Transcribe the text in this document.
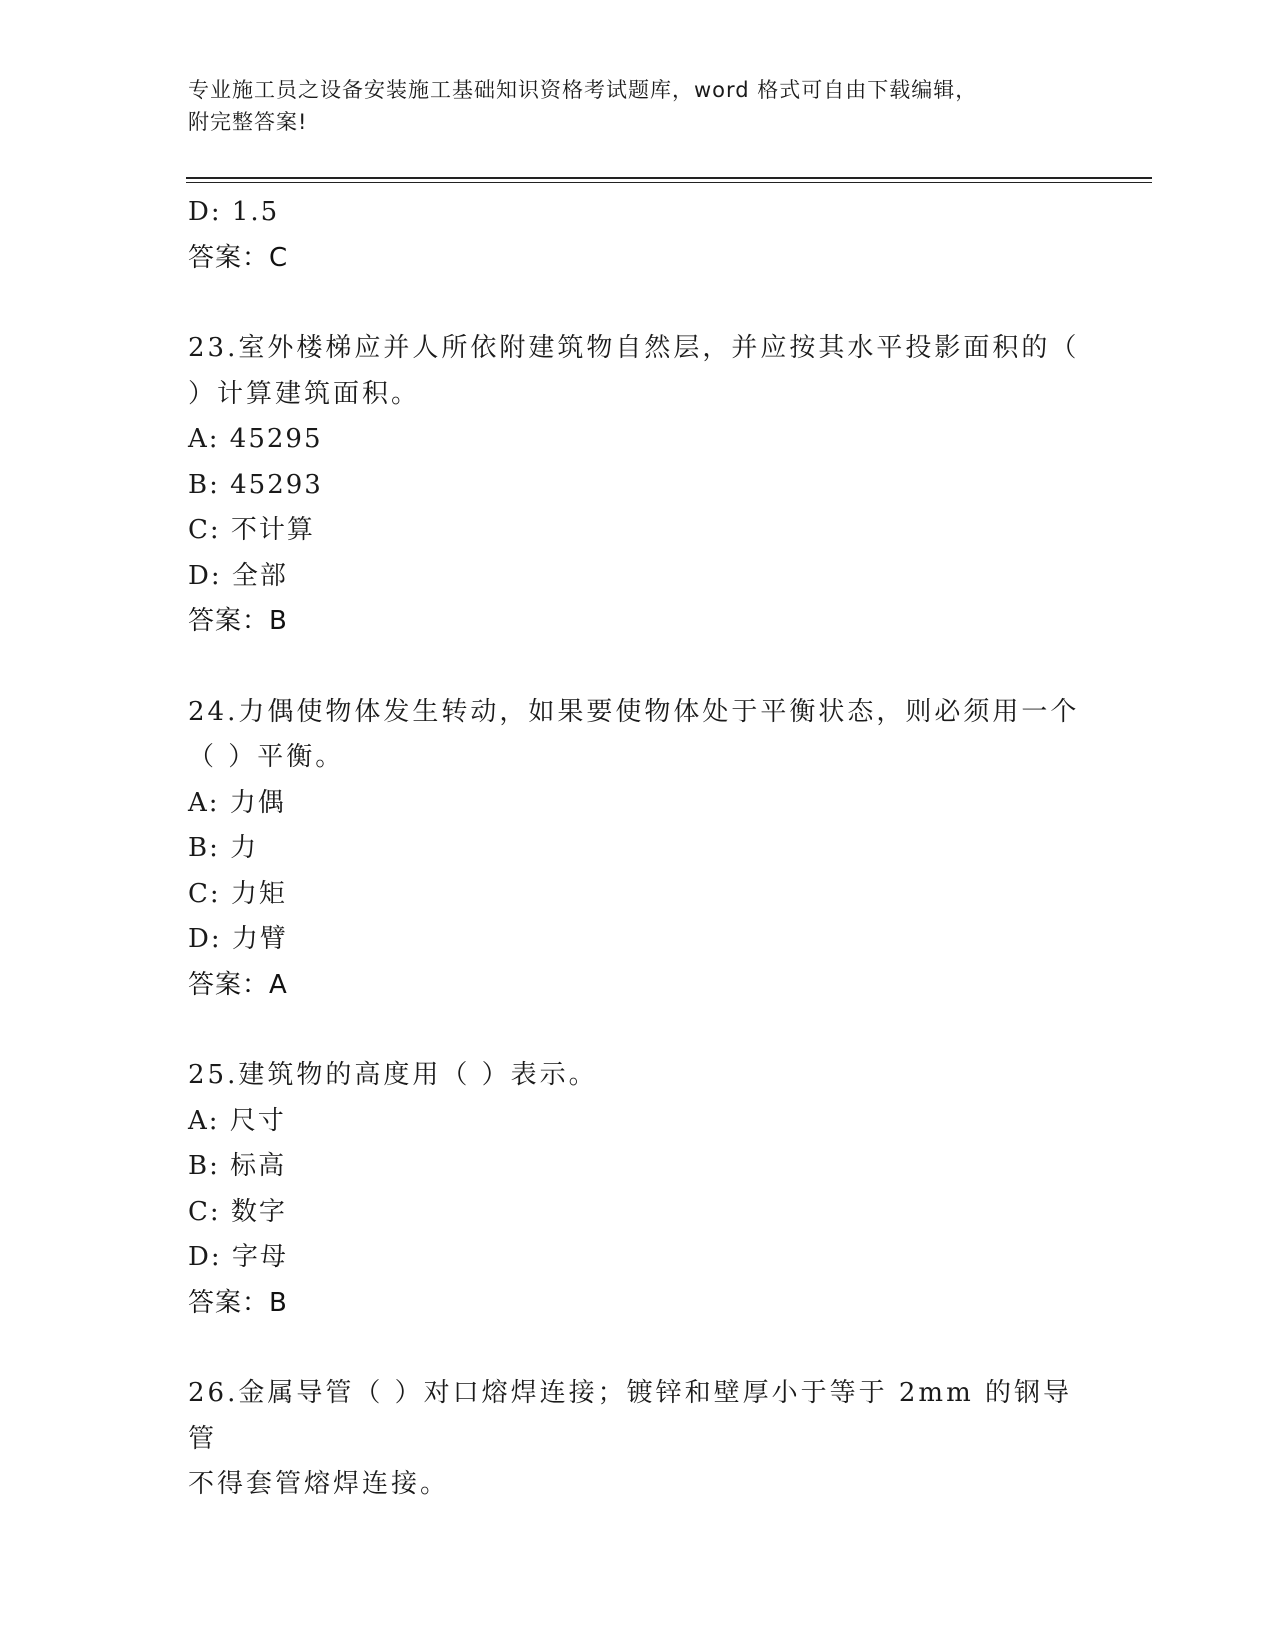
专业施工员之设备安装施工基础知识资格考试题库，word 格式可自由下载编辑，
附完整答案!
D: 1.5
答案：C
23.室外楼梯应并人所依附建筑物自然层，并应按其水平投影面积的（
）计算建筑面积。
A: 45295
B: 45293
C: 不计算
D: 全部
答案：B
24.力偶使物体发生转动，如果要使物体处于平衡状态，则必须用一个
（ ）平衡。
A: 力偶
B: 力
C: 力矩
D: 力臂
答案：A
25.建筑物的高度用（ ）表示。
A: 尺寸
B: 标高
C: 数字
D: 字母
答案：B
26.金属导管（ ）对口熔焊连接；镀锌和壁厚小于等于 2mm 的钢导管
不得套管熔焊连接。
